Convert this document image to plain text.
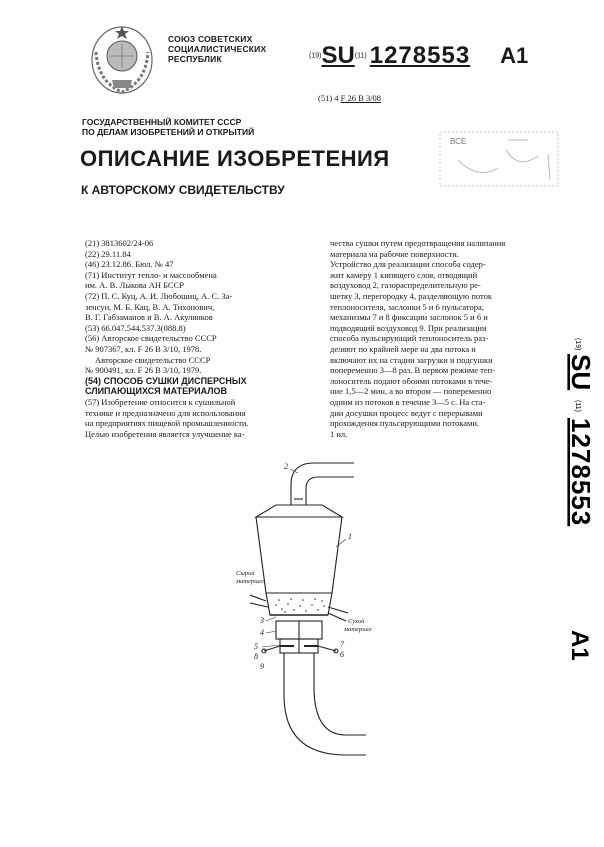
СОЮЗ СОВЕТСКИХ
СОЦИАЛИСТИЧЕСКИХ
РЕСПУБЛИК	(19)SU(11) 1278553 A1
(51) 4 F 26 B 3/08
ГОСУДАРСТВЕННЫЙ КОМИТЕТ СССР
ПО ДЕЛАМ ИЗОБРЕТЕНИЙ И ОТКРЫТИЙ
ВСЕ
ОПИСАНИЕ ИЗОБРЕТЕНИЯ
К АВТОРСКОМУ СВИДЕТЕЛЬСТВУ
(21) 3813602/24-06
(22) 29.11.84
(46) 23.12.86. Бюл. № 47
(71) Институт тепло- и массообмена
им. А. В. Лыкова АН БССР
(72) П. С. Куц, А. И. Любошиц, А. С. За-
зенсун, М. Б. Кац, В. А. Тихонович,
В. Г. Габзаманов и В. А. Акулянков
(53) 66.047.544.537.3(088.8)
(56) Авторское свидетельство СССР
№ 907367, кл. F 26 B 3/10, 1978.
Авторское свидетельство СССР
№ 900491, кл. F 26 B 3/10, 1979.
(54) СПОСОБ СУШКИ ДИСПЕРСНЫХ
СЛИПАЮЩИХСЯ МАТЕРИАЛОВ
(57) Изобретение относится к сушильной
технике и предназначено для использования
на предприятиях пищевой промышленности.
Целью изобретения является улучшение ка-
чества сушки путем предотвращения налипания
материала на рабочие поверхности.
Устройство для реализации способа содер-
жит камеру 1 кипящего слоя, отводящий
воздуховод 2, газораспределительную ре-
шетку 3, перегородку 4, разделяющую поток
теплоносителя, заслонки 5 и 6 пульсатора,
механизмы 7 и 8 фиксации заслонок 5 и 6 и
подводящий воздуховод 9. При реализации
способа пульсирующий теплоноситель раз-
деляют по крайней мере на два потока и
включают их на стадии загрузки и подсушки
попеременно 3—8 раз. В первом режиме теп-
лоноситель подают обоими потоками в тече-
ние 1,5—2 мин, а во втором — попеременно
одним из потоков в течение 3—5 с. На ста-
дии досушки процесс ведут с перерывами
прохождения пульсирующими потоками.
1 ил.
(19)
SU
(11)
1278553
A1
2
1
3
4
5
6
7
8
9
Сырой
материал
Сухой
материал
